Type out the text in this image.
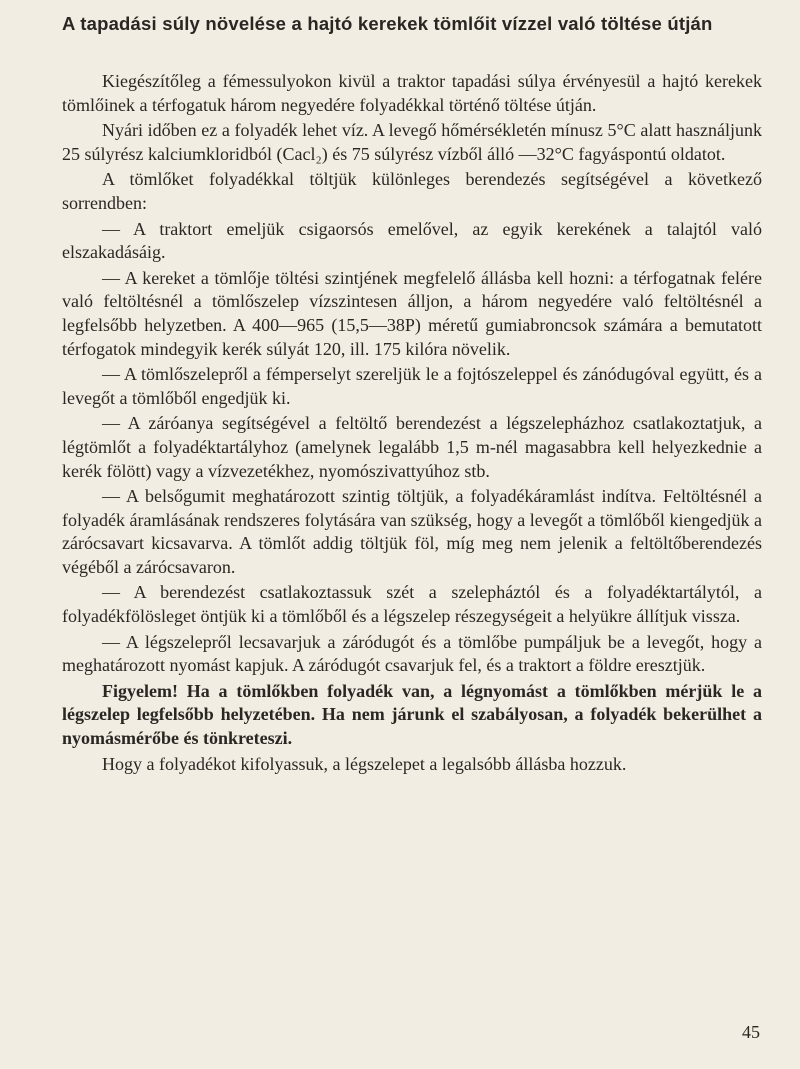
A tapadási súly növelése a hajtó kerekek tömlőit vízzel való töltése útján

Kiegészítőleg a fémessulyokon kivül a traktor tapadási súlya érvényesül a hajtó kerekek tömlőinek a térfogatuk három negyedére folyadékkal történő töltése útján.

Nyári időben ez a folyadék lehet víz. A levegő hőmérsékletén mínusz 5°C alatt használjunk 25 súlyrész kalciumkloridból (Cacl₂) és 75 súlyrész vízből álló —32°C fagyáspontú oldatot.

A tömlőket folyadékkal töltjük különleges berendezés segítségével a következő sorrendben:

— A traktort emeljük csigaorsós emelővel, az egyik kerekének a talajtól való elszakadásáig.

— A kereket a tömlője töltési szintjének megfelelő állásba kell hozni: a térfogatnak felére való feltöltésnél a tömlőszelep vízszintesen álljon, a három negyedére való feltöltésnél a legfelsőbb helyzetben. A 400—965 (15,5—38P) méretű gumiabroncsok számára a bemutatott térfogatok mindegyik kerék súlyát 120, ill. 175 kilóra növelik.

— A tömlőszelepről a fémperselyt szereljük le a fojtószeleppel és zánódugóval együtt, és a levegőt a tömlőből engedjük ki.

— A záróanya segítségével a feltöltő berendezést a légszelepházhoz csatlakoztatjuk, a légtömlőt a folyadéktartályhoz (amelynek legalább 1,5 m-nél magasabbra kell helyezkednie a kerék fölött) vagy a vízvezetékhez, nyomószivattyúhoz stb.

— A belsőgumit meghatározott szintig töltjük, a folyadékáramlást indítva. Feltöltésnél a folyadék áramlásának rendszeres folytására van szükség, hogy a levegőt a tömlőből kiengedjük a zárócsavart kicsavarva. A tömlőt addig töltjük föl, míg meg nem jelenik a feltöltőberendezés végéből a zárócsavaron.

— A berendezést csatlakoztassuk szét a szelepháztól és a folyadéktartálytól, a folyadékfölösleget öntjük ki a tömlőből és a légszelep részegységeit a helyükre állítjuk vissza.

— A légszelepről lecsavarjuk a záródugót és a tömlőbe pumpáljuk be a levegőt, hogy a meghatározott nyomást kapjuk. A záródugót csavarjuk fel, és a traktort a földre eresztjük.

Figyelem! Ha a tömlőkben folyadék van, a légnyomást a tömlőkben mérjük le a légszelep legfelsőbb helyzetében. Ha nem járunk el szabályosan, a folyadék bekerülhet a nyomásmérőbe és tönkreteszi.

Hogy a folyadékot kifolyassuk, a légszelepet a legalsóbb állásba hozzuk.

45
